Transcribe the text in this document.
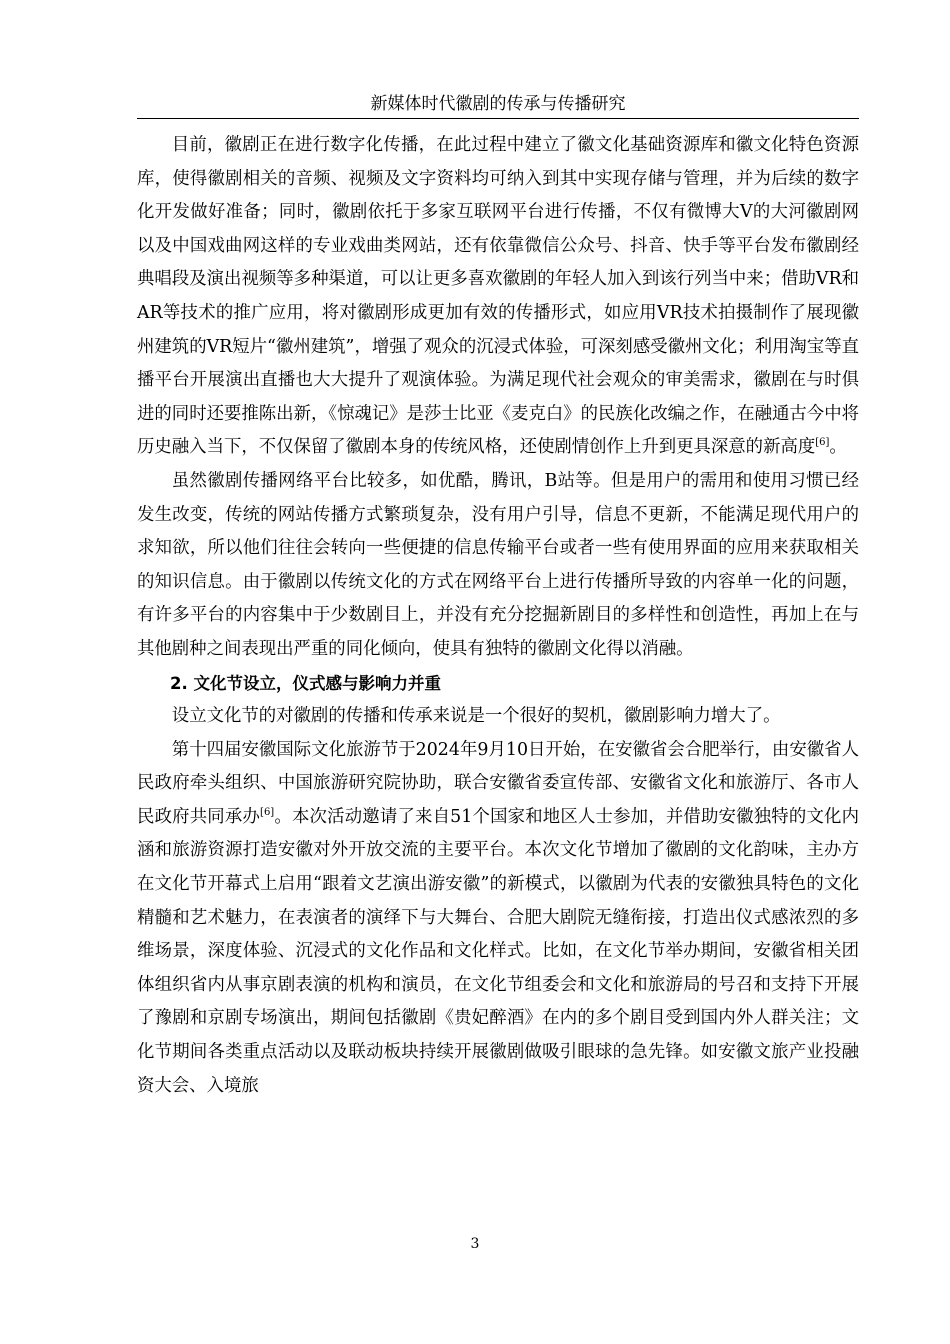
新媒体时代徽剧的传承与传播研究

目前，徽剧正在进行数字化传播，在此过程中建立了徽文化基础资源库和徽文化特色资源库，使得徽剧相关的音频、视频及文字资料均可纳入到其中实现存储与管理，并为后续的数字化开发做好准备；同时，徽剧依托于多家互联网平台进行传播，不仅有微博大V的大河徽剧网以及中国戏曲网这样的专业戏曲类网站，还有依靠微信公众号、抖音、快手等平台发布徽剧经典唱段及演出视频等多种渠道，可以让更多喜欢徽剧的年轻人加入到该行列当中来；借助VR和AR等技术的推广应用，将对徽剧形成更加有效的传播形式，如应用VR技术拍摄制作了展现徽州建筑的VR短片“徽州建筑”，增强了观众的沉浸式体验，可深刻感受徽州文化；利用淘宝等直播平台开展演出直播也大大提升了观演体验。为满足现代社会观众的审美需求，徽剧在与时俱进的同时还要推陈出新，《惊魂记》是莎士比亚《麦克白》的民族化改编之作，在融通古今中将历史融入当下，不仅保留了徽剧本身的传统风格，还使剧情创作上升到更具深意的新高度[6]。

虽然徽剧传播网络平台比较多，如优酷，腾讯，B站等。但是用户的需用和使用习惯已经发生改变，传统的网站传播方式繁琐复杂，没有用户引导，信息不更新，不能满足现代用户的求知欲，所以他们往往会转向一些便捷的信息传输平台或者一些有使用界面的应用来获取相关的知识信息。由于徽剧以传统文化的方式在网络平台上进行传播所导致的内容单一化的问题，有许多平台的内容集中于少数剧目上，并没有充分挖掘新剧目的多样性和创造性，再加上在与其他剧种之间表现出严重的同化倾向，使具有独特的徽剧文化得以消融。

2. 文化节设立，仪式感与影响力并重

设立文化节的对徽剧的传播和传承来说是一个很好的契机，徽剧影响力增大了。

第十四届安徽国际文化旅游节于2024年9月10日开始，在安徽省会合肥举行，由安徽省人民政府牵头组织、中国旅游研究院协助，联合安徽省委宣传部、安徽省文化和旅游厅、各市人民政府共同承办[6]。本次活动邀请了来自51个国家和地区人士参加，并借助安徽独特的文化内涵和旅游资源打造安徽对外开放交流的主要平台。本次文化节增加了徽剧的文化韵味，主办方在文化节开幕式上启用“跟着文艺演出游安徽”的新模式，以徽剧为代表的安徽独具特色的文化精髓和艺术魅力，在表演者的演绎下与大舞台、合肥大剧院无缝衔接，打造出仪式感浓烈的多维场景，深度体验、沉浸式的文化作品和文化样式。比如，在文化节举办期间，安徽省相关团体组织省内从事京剧表演的机构和演员，在文化节组委会和文化和旅游局的号召和支持下开展了豫剧和京剧专场演出，期间包括徽剧《贵妃醉酒》在内的多个剧目受到国内外人群关注；文化节期间各类重点活动以及联动板块持续开展徽剧做吸引眼球的急先锋。如安徽文旅产业投融资大会、入境旅

3
